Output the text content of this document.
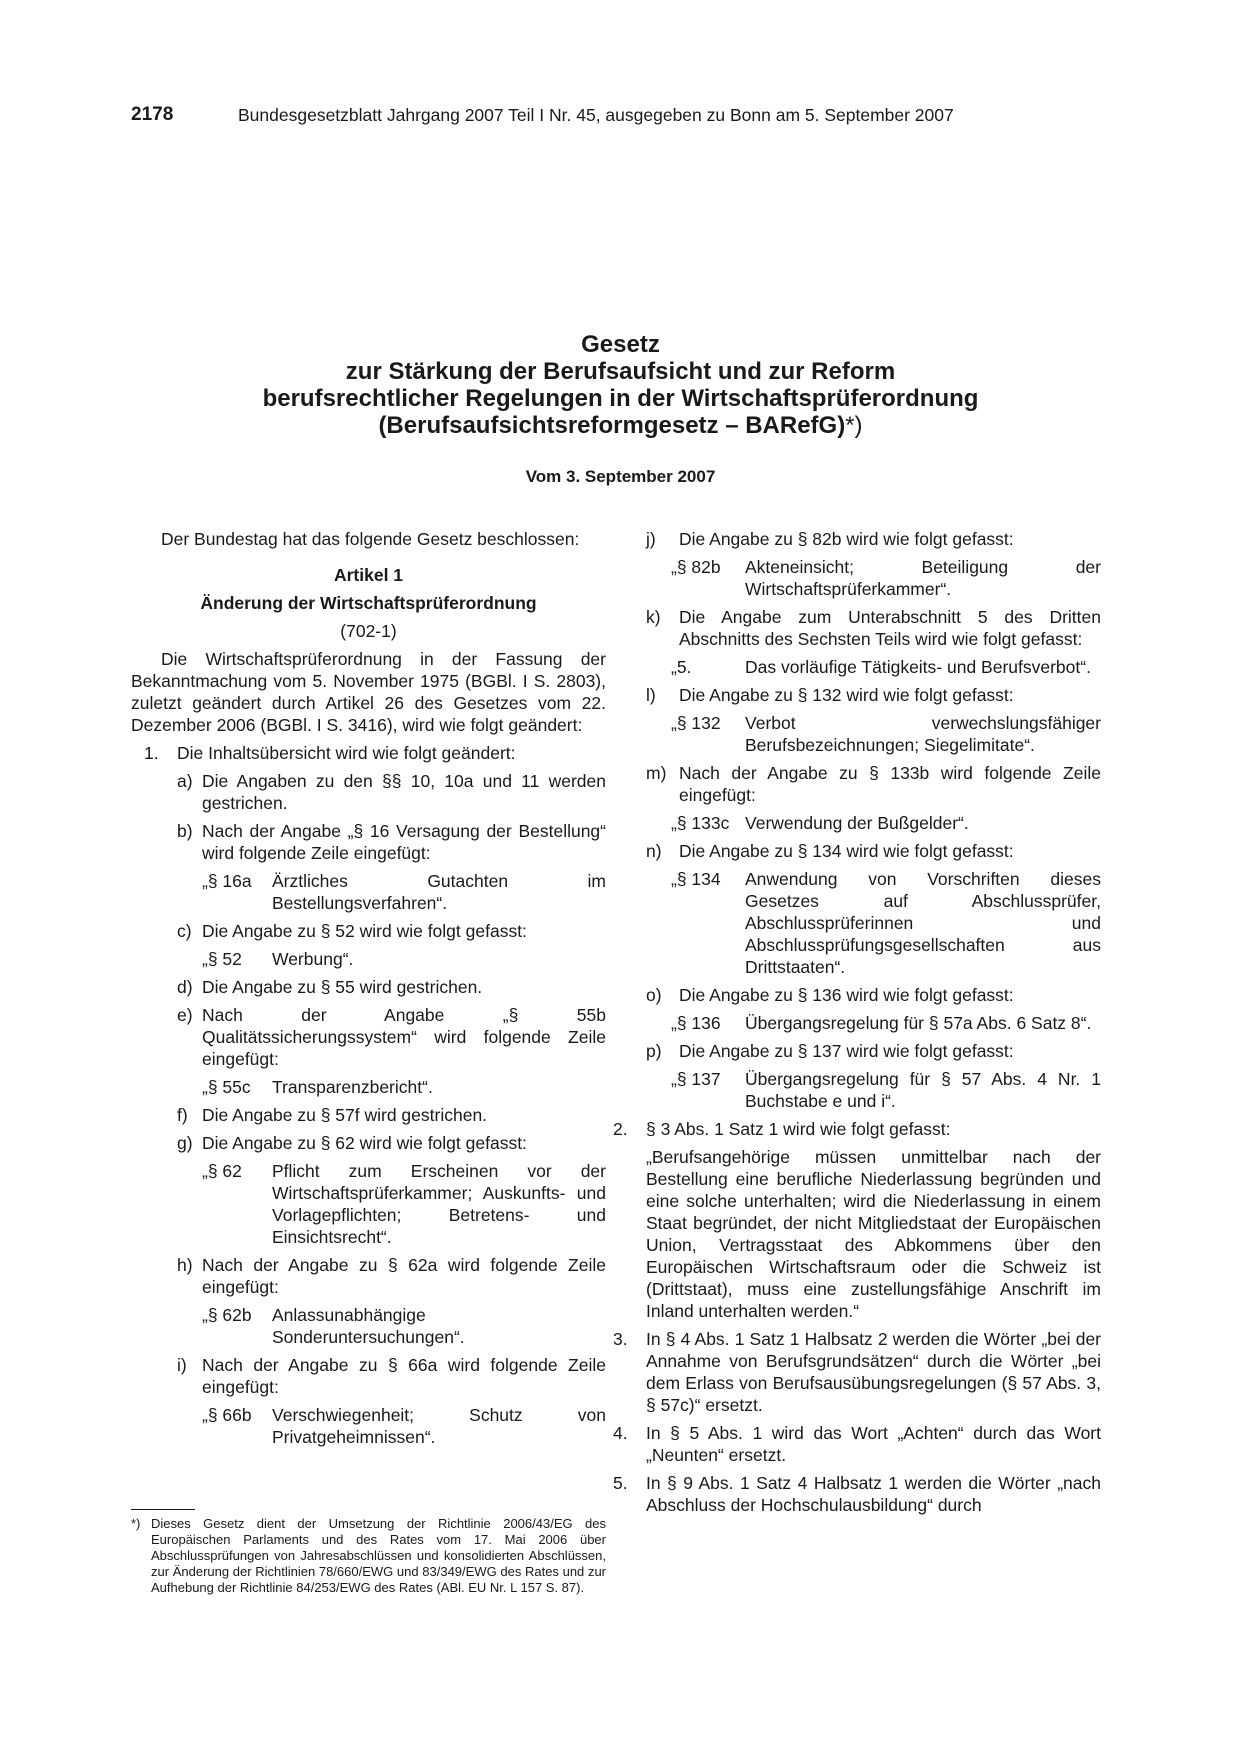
2178	Bundesgesetzblatt Jahrgang 2007 Teil I Nr. 45, ausgegeben zu Bonn am 5. September 2007
Gesetz
zur Stärkung der Berufsaufsicht und zur Reform
berufsrechtlicher Regelungen in der Wirtschaftsprüferordnung
(Berufsaufsichtsreformgesetz – BARefG)*)
Vom 3. September 2007

Der Bundestag hat das folgende Gesetz beschlossen:

Artikel 1

Änderung der Wirtschaftsprüferordnung

(702-1)

Die Wirtschaftsprüferordnung in der Fassung der Bekanntmachung vom 5. November 1975 (BGBl. I S. 2803), zuletzt geändert durch Artikel 26 des Gesetzes vom 22. Dezember 2006 (BGBl. I S. 3416), wird wie folgt geändert:

1.	Die Inhaltsübersicht wird wie folgt geändert:
a) Die Angaben zu den §§ 10, 10a und 11 werden gestrichen.
b) Nach der Angabe „§ 16 Versagung der Bestellung“ wird folgende Zeile eingefügt:
„§ 16a	Ärztliches Gutachten im Bestellungsverfahren“.
c) Die Angabe zu § 52 wird wie folgt gefasst:
„§ 52	Werbung“.
d) Die Angabe zu § 55 wird gestrichen.
e) Nach der Angabe „§ 55b Qualitätssicherungssystem“ wird folgende Zeile eingefügt:
„§ 55c	Transparenzbericht“.
f) Die Angabe zu § 57f wird gestrichen.
g) Die Angabe zu § 62 wird wie folgt gefasst:
„§ 62	Pflicht zum Erscheinen vor der Wirtschaftsprüferkammer; Auskunfts- und Vorlagepflichten; Betretens- und Einsichtsrecht“.
h) Nach der Angabe zu § 62a wird folgende Zeile eingefügt:
„§ 62b	Anlassunabhängige Sonderuntersuchungen“.
i) Nach der Angabe zu § 66a wird folgende Zeile eingefügt:
„§ 66b	Verschwiegenheit; Schutz von Privatgeheimnissen“.
j)	Die Angabe zu § 82b wird wie folgt gefasst:
„§ 82b	Akteneinsicht; Beteiligung der Wirtschaftsprüferkammer“.
k)	Die Angabe zum Unterabschnitt 5 des Dritten Abschnitts des Sechsten Teils wird wie folgt gefasst:
„5.	Das vorläufige Tätigkeits- und Berufsverbot“.
l)	Die Angabe zu § 132 wird wie folgt gefasst:
„§ 132	Verbot verwechslungsfähiger Berufsbezeichnungen; Siegelimitate“.
m) Nach der Angabe zu § 133b wird folgende Zeile eingefügt:
„§ 133c Verwendung der Bußgelder“.
n) Die Angabe zu § 134 wird wie folgt gefasst:
„§ 134	Anwendung von Vorschriften dieses Gesetzes auf Abschlussprüfer, Abschlussprüferinnen und Abschlussprüfungsgesellschaften aus Drittstaaten“.
o) Die Angabe zu § 136 wird wie folgt gefasst:
„§ 136	Übergangsregelung für § 57a Abs. 6 Satz 8“.
p) Die Angabe zu § 137 wird wie folgt gefasst:
„§ 137	Übergangsregelung für § 57 Abs. 4 Nr. 1 Buchstabe e und i“.
2.	§ 3 Abs. 1 Satz 1 wird wie folgt gefasst:

„Berufsangehörige müssen unmittelbar nach der Bestellung eine berufliche Niederlassung begründen und eine solche unterhalten; wird die Niederlassung in einem Staat begründet, der nicht Mitgliedstaat der Europäischen Union, Vertragsstaat des Abkommens über den Europäischen Wirtschaftsraum oder die Schweiz ist (Drittstaat), muss eine zustellungsfähige Anschrift im Inland unterhalten werden.“

3.	In § 4 Abs. 1 Satz 1 Halbsatz 2 werden die Wörter „bei der Annahme von Berufsgrundsätzen“ durch die Wörter „bei dem Erlass von Berufsausübungsregelungen (§ 57 Abs. 3, § 57c)“ ersetzt.
4.	In § 5 Abs. 1 wird das Wort „Achten“ durch das Wort „Neunten“ ersetzt.
5.	In § 9 Abs. 1 Satz 4 Halbsatz 1 werden die Wörter „nach Abschluss der Hochschulausbildung“ durch
*) Dieses Gesetz dient der Umsetzung der Richtlinie 2006/43/EG des Europäischen Parlaments und des Rates vom 17. Mai 2006 über Abschlussprüfungen von Jahresabschlüssen und konsolidierten Abschlüssen, zur Änderung der Richtlinien 78/660/EWG und 83/349/EWG des Rates und zur Aufhebung der Richtlinie 84/253/EWG des Rates (ABl. EU Nr. L 157 S. 87).
